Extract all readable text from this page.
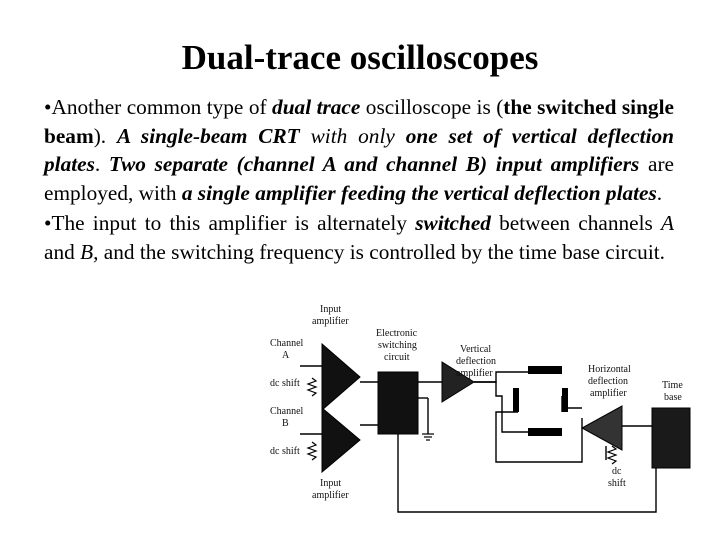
Dual-trace oscilloscopes

•Another common type of dual trace oscilloscope is (the switched single beam). A single-beam CRT with only one set of vertical deflection plates. Two separate (channel A and channel B) input amplifiers are employed, with a single amplifier feeding the vertical deflection plates.

•The input to this amplifier is alternately switched between channels A and B, and the switching frequency is controlled by the time base circuit.

Input
amplifier
Channel
A
dc shift
Channel
B
dc shift
Input
amplifier
Electronic
switching
circuit
Vertical
deflection
amplifier	Horizontal
deflection
amplifier
Time
base
dc
shift
